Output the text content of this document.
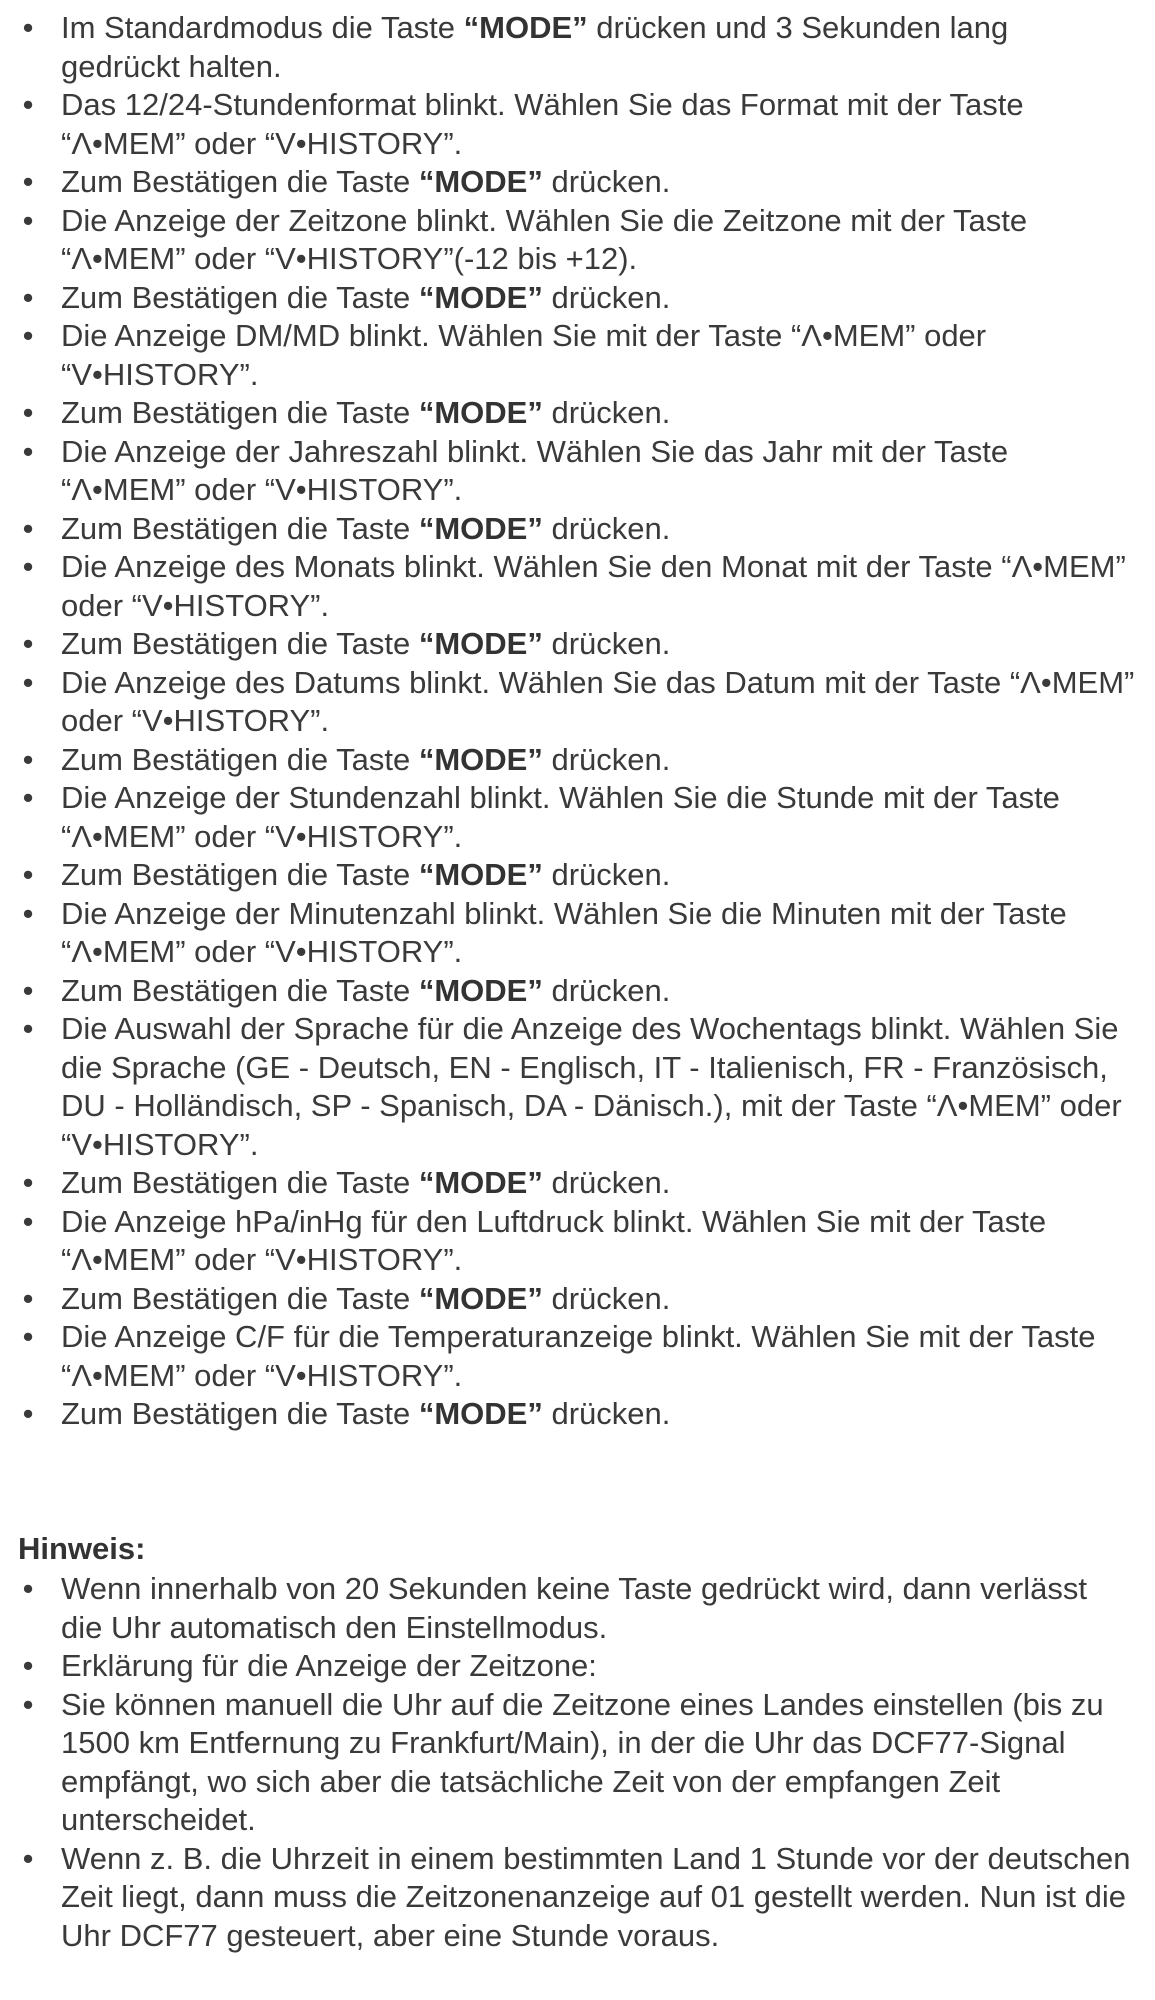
•
Im Standardmodus die Taste “MODE” drücken und 3 Sekunden lang gedrückt halten.
•
Das 12/24-Stundenformat blinkt. Wählen Sie das Format mit der Taste “Λ•MEM” oder “V•HISTORY”.
•
Zum Bestätigen die Taste “MODE” drücken.
•
Die Anzeige der Zeitzone blinkt. Wählen Sie die Zeitzone mit der Taste “Λ•MEM” oder “V•HISTORY”(-12 bis +12).
•
Zum Bestätigen die Taste “MODE” drücken.
•
Die Anzeige DM/MD blinkt. Wählen Sie mit der Taste “Λ•MEM” oder “V•HISTORY”.
•
Zum Bestätigen die Taste “MODE” drücken.
•
Die Anzeige der Jahreszahl blinkt. Wählen Sie das Jahr mit der Taste “Λ•MEM” oder “V•HISTORY”.
•
Zum Bestätigen die Taste “MODE” drücken.
•
Die Anzeige des Monats blinkt. Wählen Sie den Monat mit der Taste “Λ•MEM” oder “V•HISTORY”.
•
Zum Bestätigen die Taste “MODE” drücken.
•
Die Anzeige des Datums blinkt. Wählen Sie das Datum mit der Taste “Λ•MEM” oder “V•HISTORY”.
•
Zum Bestätigen die Taste “MODE” drücken.
•
Die Anzeige der Stundenzahl blinkt. Wählen Sie die Stunde mit der Taste “Λ•MEM” oder “V•HISTORY”.
•
Zum Bestätigen die Taste “MODE” drücken.
•
Die Anzeige der Minutenzahl blinkt. Wählen Sie die Minuten mit der Taste “Λ•MEM” oder “V•HISTORY”.
•
Zum Bestätigen die Taste “MODE” drücken.
•
Die Auswahl der Sprache für die Anzeige des Wochentags blinkt. Wählen Sie die Sprache (GE - Deutsch, EN - Englisch, IT - Italienisch, FR - Französisch, DU - Holländisch, SP - Spanisch, DA - Dänisch.), mit der Taste “Λ•MEM” oder “V•HISTORY”.
•
Zum Bestätigen die Taste “MODE” drücken.
•
Die Anzeige hPa/inHg für den Luftdruck blinkt. Wählen Sie mit der Taste “Λ•MEM” oder “V•HISTORY”.
•
Zum Bestätigen die Taste “MODE” drücken.
•
Die Anzeige C/F für die Temperaturanzeige blinkt. Wählen Sie mit der Taste “Λ•MEM” oder “V•HISTORY”.
•
Zum Bestätigen die Taste “MODE” drücken.
Hinweis:
•
Wenn innerhalb von 20 Sekunden keine Taste gedrückt wird, dann verlässt die Uhr automatisch den Einstellmodus.
•
Erklärung für die Anzeige der Zeitzone:
•
Sie können manuell die Uhr auf die Zeitzone eines Landes einstellen (bis zu 1500 km Entfernung zu Frankfurt/Main), in der die Uhr das DCF77-Signal empfängt, wo sich aber die tatsächliche Zeit von der empfangen Zeit unterscheidet.
•
Wenn z. B. die Uhrzeit in einem bestimmten Land 1 Stunde vor der deutschen Zeit liegt, dann muss die Zeitzonenanzeige auf 01 gestellt werden. Nun ist die Uhr DCF77 gesteuert, aber eine Stunde voraus.
